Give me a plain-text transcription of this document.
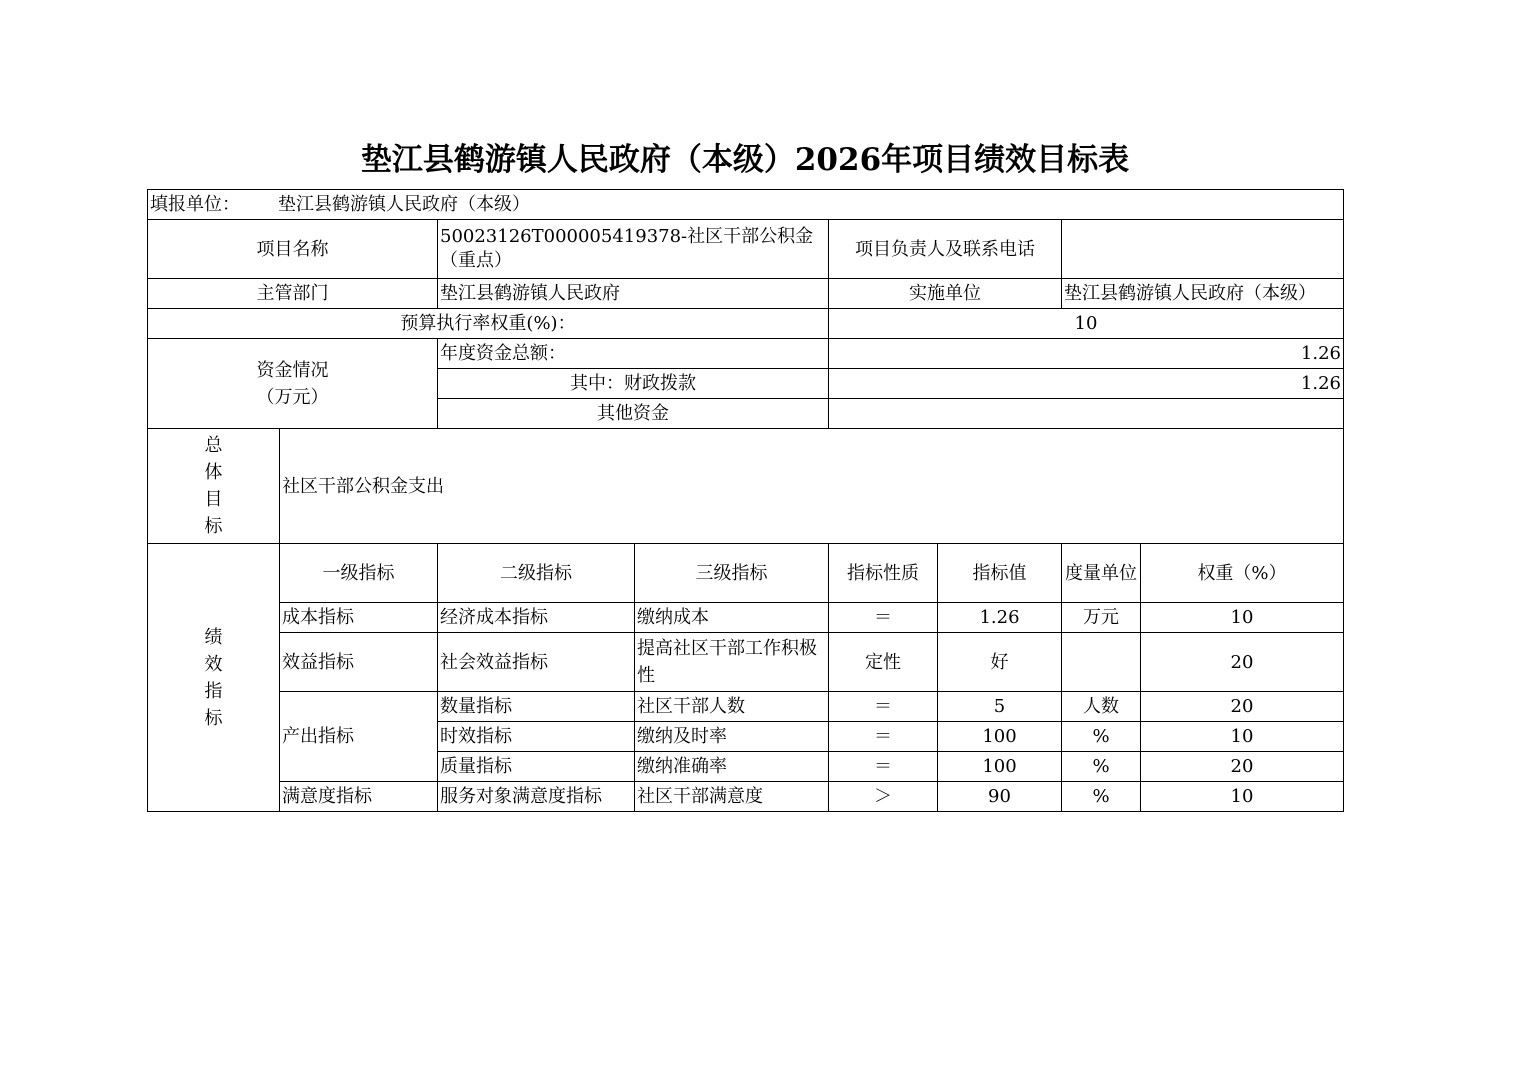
垫江县鹤游镇人民政府（本级）2026年项目绩效目标表
填报单位： 垫江县鹤游镇人民政府（本级）							
项目名称		50023126T000005419378-社区干部公积金（重点）		项目负责人及联系电话			
主管部门		垫江县鹤游镇人民政府		实施单位		垫江县鹤游镇人民政府（本级）	
预算执行率权重(%)：				10			

资金情况
（万元）		年度资金总额：		1.26			
		其中：财政拨款		1.26			
		其他资金					

总
体
目
标	社区干部公积金支出						

绩
效
指
标	一级指标	二级指标	三级指标	指标性质	指标值	度量单位	权重（%）
	成本指标	经济成本指标	缴纳成本	＝	1.26	万元	10
	效益指标	社会效益指标	提高社区干部工作积极性	定性	好		20
	产出指标	数量指标	社区干部人数	＝	5	人数	20
		时效指标	缴纳及时率	＝	100	%	10
		质量指标	缴纳准确率	＝	100	%	20
	满意度指标	服务对象满意度指标	社区干部满意度	＞	90	%	10
